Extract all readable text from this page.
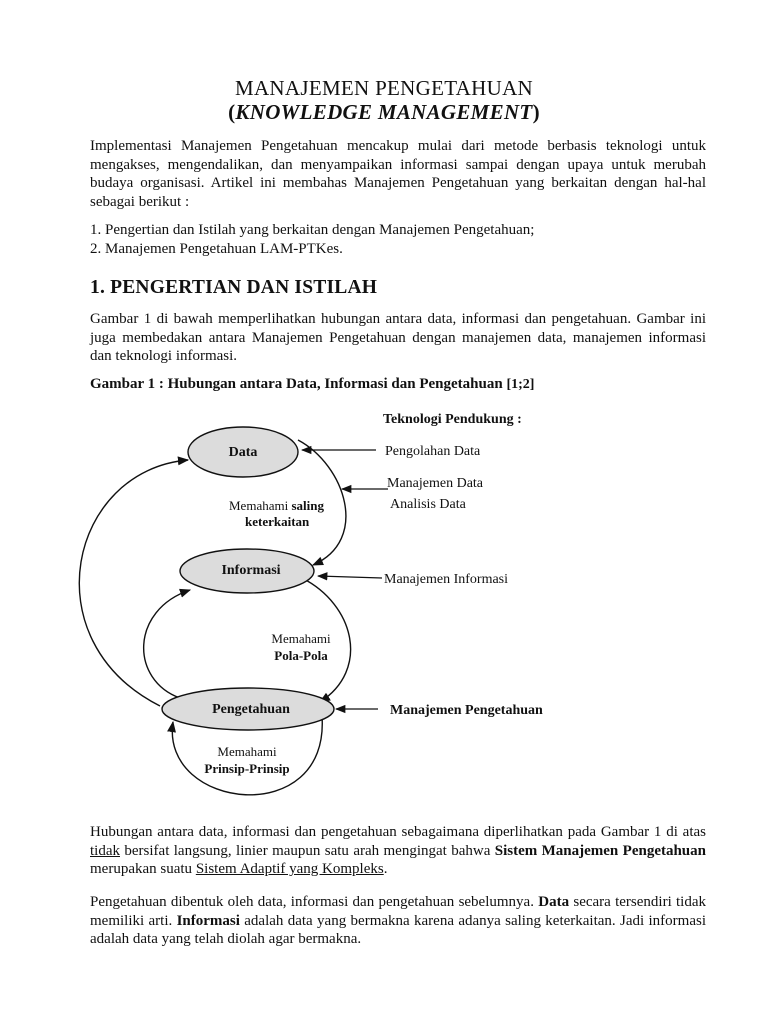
MANAJEMEN PENGETAHUAN
(KNOWLEDGE MANAGEMENT)

Implementasi Manajemen Pengetahuan mencakup mulai dari metode berbasis teknologi untuk mengakses, mengendalikan, dan menyampaikan informasi sampai dengan upaya untuk merubah budaya organisasi. Artikel ini membahas Manajemen Pengetahuan yang berkaitan dengan hal-hal sebagai berikut :

1. Pengertian dan Istilah yang berkaitan dengan Manajemen Pengetahuan;
2. Manajemen Pengetahuan LAM-PTKes.
1. PENGERTIAN DAN ISTILAH

Gambar 1 di bawah memperlihatkan hubungan antara data, informasi dan pengetahuan. Gambar ini juga membedakan antara Manajemen Pengetahuan dengan manajemen data, manajemen informasi dan teknologi informasi.

Gambar 1 : Hubungan antara Data, Informasi dan Pengetahuan [1;2]
Teknologi Pendukung :
Data
Informasi
Pengetahuan
Memahami saling
keterkaitan
Memahami
Pola-Pola
Memahami
Prinsip-Prinsip
Pengolahan Data
Manajemen Data
Analisis Data
Manajemen Informasi
Manajemen Pengetahuan

Hubungan antara data, informasi dan pengetahuan sebagaimana diperlihatkan pada Gambar 1 di atas tidak bersifat langsung, linier maupun satu arah mengingat bahwa Sistem Manajemen Pengetahuan merupakan suatu Sistem Adaptif yang Kompleks.

Pengetahuan dibentuk oleh data, informasi dan pengetahuan sebelumnya. Data secara tersendiri tidak memiliki arti. Informasi adalah data yang bermakna karena adanya saling keterkaitan. Jadi informasi adalah data yang telah diolah agar bermakna.
